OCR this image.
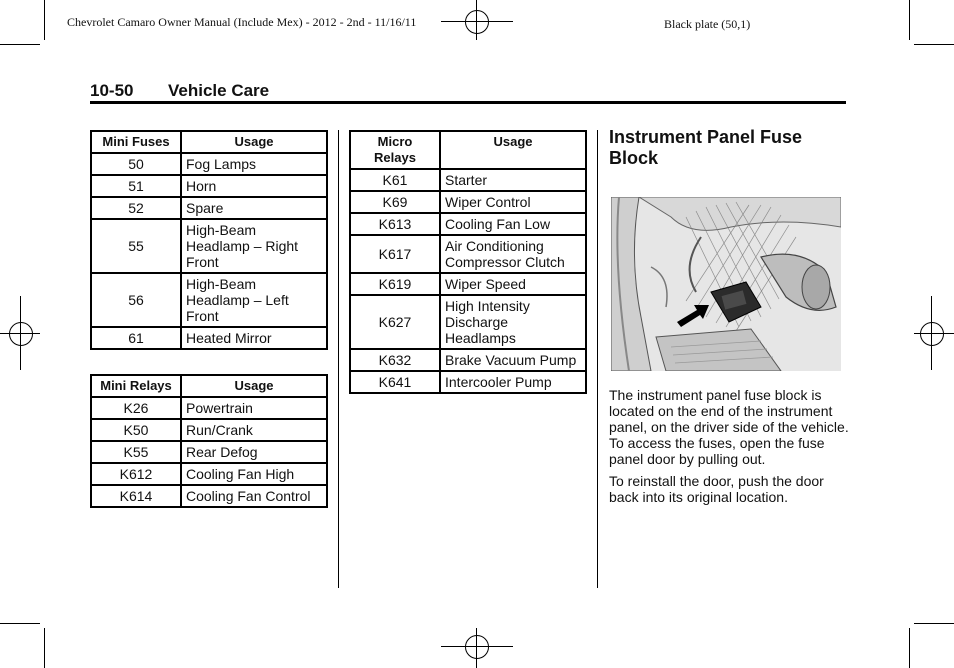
Chevrolet Camaro Owner Manual (Include Mex) - 2012 - 2nd - 11/16/11	Black plate (50,1)
10-50 Vehicle Care
Mini Fuses	Usage
50	Fog Lamps
51	Horn
52	Spare
55	High-Beam Headlamp – Right Front
56	High-Beam Headlamp – Left Front
61	Heated Mirror
Mini Relays	Usage
K26	Powertrain
K50	Run/Crank
K55	Rear Defog
K612	Cooling Fan High
K614	Cooling Fan Control
Micro Relays	Usage
K61	Starter
K69	Wiper Control
K613	Cooling Fan Low
K617	Air Conditioning Compressor Clutch
K619	Wiper Speed
K627	High Intensity Discharge Headlamps
K632	Brake Vacuum Pump
K641	Intercooler Pump
Instrument Panel Fuse Block

The instrument panel fuse block is located on the end of the instrument panel, on the driver side of the vehicle. To access the fuses, open the fuse panel door by pulling out.

To reinstall the door, push the door back into its original location.
